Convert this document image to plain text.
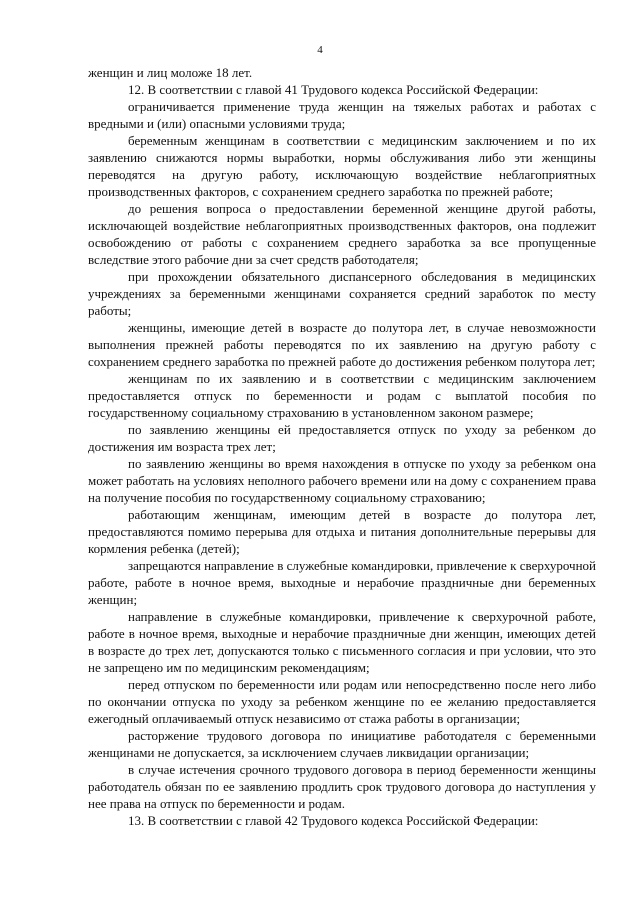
4

женщин и лиц моложе 18 лет.

12. В соответствии с главой 41 Трудового кодекса Российской Федерации:

ограничивается применение труда женщин на тяжелых работах и работах с вредными и (или) опасными условиями труда;

беременным женщинам в соответствии с медицинским заключением и по их заявлению снижаются нормы выработки, нормы обслуживания либо эти женщины переводятся на другую работу, исключающую воздействие неблагоприятных производственных факторов, с сохранением среднего заработка по прежней работе;

до решения вопроса о предоставлении беременной женщине другой работы, исключающей воздействие неблагоприятных производственных факторов, она подлежит освобождению от работы с сохранением среднего заработка за все пропущенные вследствие этого рабочие дни за счет средств работодателя;

при прохождении обязательного диспансерного обследования в медицинских учреждениях за беременными женщинами сохраняется средний заработок по месту работы;

женщины, имеющие детей в возрасте до полутора лет, в случае невозможности выполнения прежней работы переводятся по их заявлению на другую работу с сохранением среднего заработка по прежней работе до достижения ребенком полутора лет;

женщинам по их заявлению и в соответствии с медицинским заключением предоставляется отпуск по беременности и родам с выплатой пособия по государственному социальному страхованию в установленном законом размере;

по заявлению женщины ей предоставляется отпуск по уходу за ребенком до достижения им возраста трех лет;

по заявлению женщины во время нахождения в отпуске по уходу за ребенком она может работать на условиях неполного рабочего времени или на дому с сохранением права на получение пособия по государственному социальному страхованию;

работающим женщинам, имеющим детей в возрасте до полутора лет, предоставляются помимо перерыва для отдыха и питания дополнительные перерывы для кормления ребенка (детей);

запрещаются направление в служебные командировки, привлечение к сверхурочной работе, работе в ночное время, выходные и нерабочие праздничные дни беременных женщин;

направление в служебные командировки, привлечение к сверхурочной работе, работе в ночное время, выходные и нерабочие праздничные дни женщин, имеющих детей в возрасте до трех лет, допускаются только с письменного согласия и при условии, что это не запрещено им по медицинским рекомендациям;

перед отпуском по беременности или родам или непосредственно после него либо по окончании отпуска по уходу за ребенком женщине по ее желанию предоставляется ежегодный оплачиваемый отпуск независимо от стажа работы в организации;

расторжение трудового договора по инициативе работодателя с беременными женщинами не допускается, за исключением случаев ликвидации организации;

в случае истечения срочного трудового договора в период беременности женщины работодатель обязан по ее заявлению продлить срок трудового договора до наступления у нее права на отпуск по беременности и родам.

13. В соответствии с главой 42 Трудового кодекса Российской Федерации:
